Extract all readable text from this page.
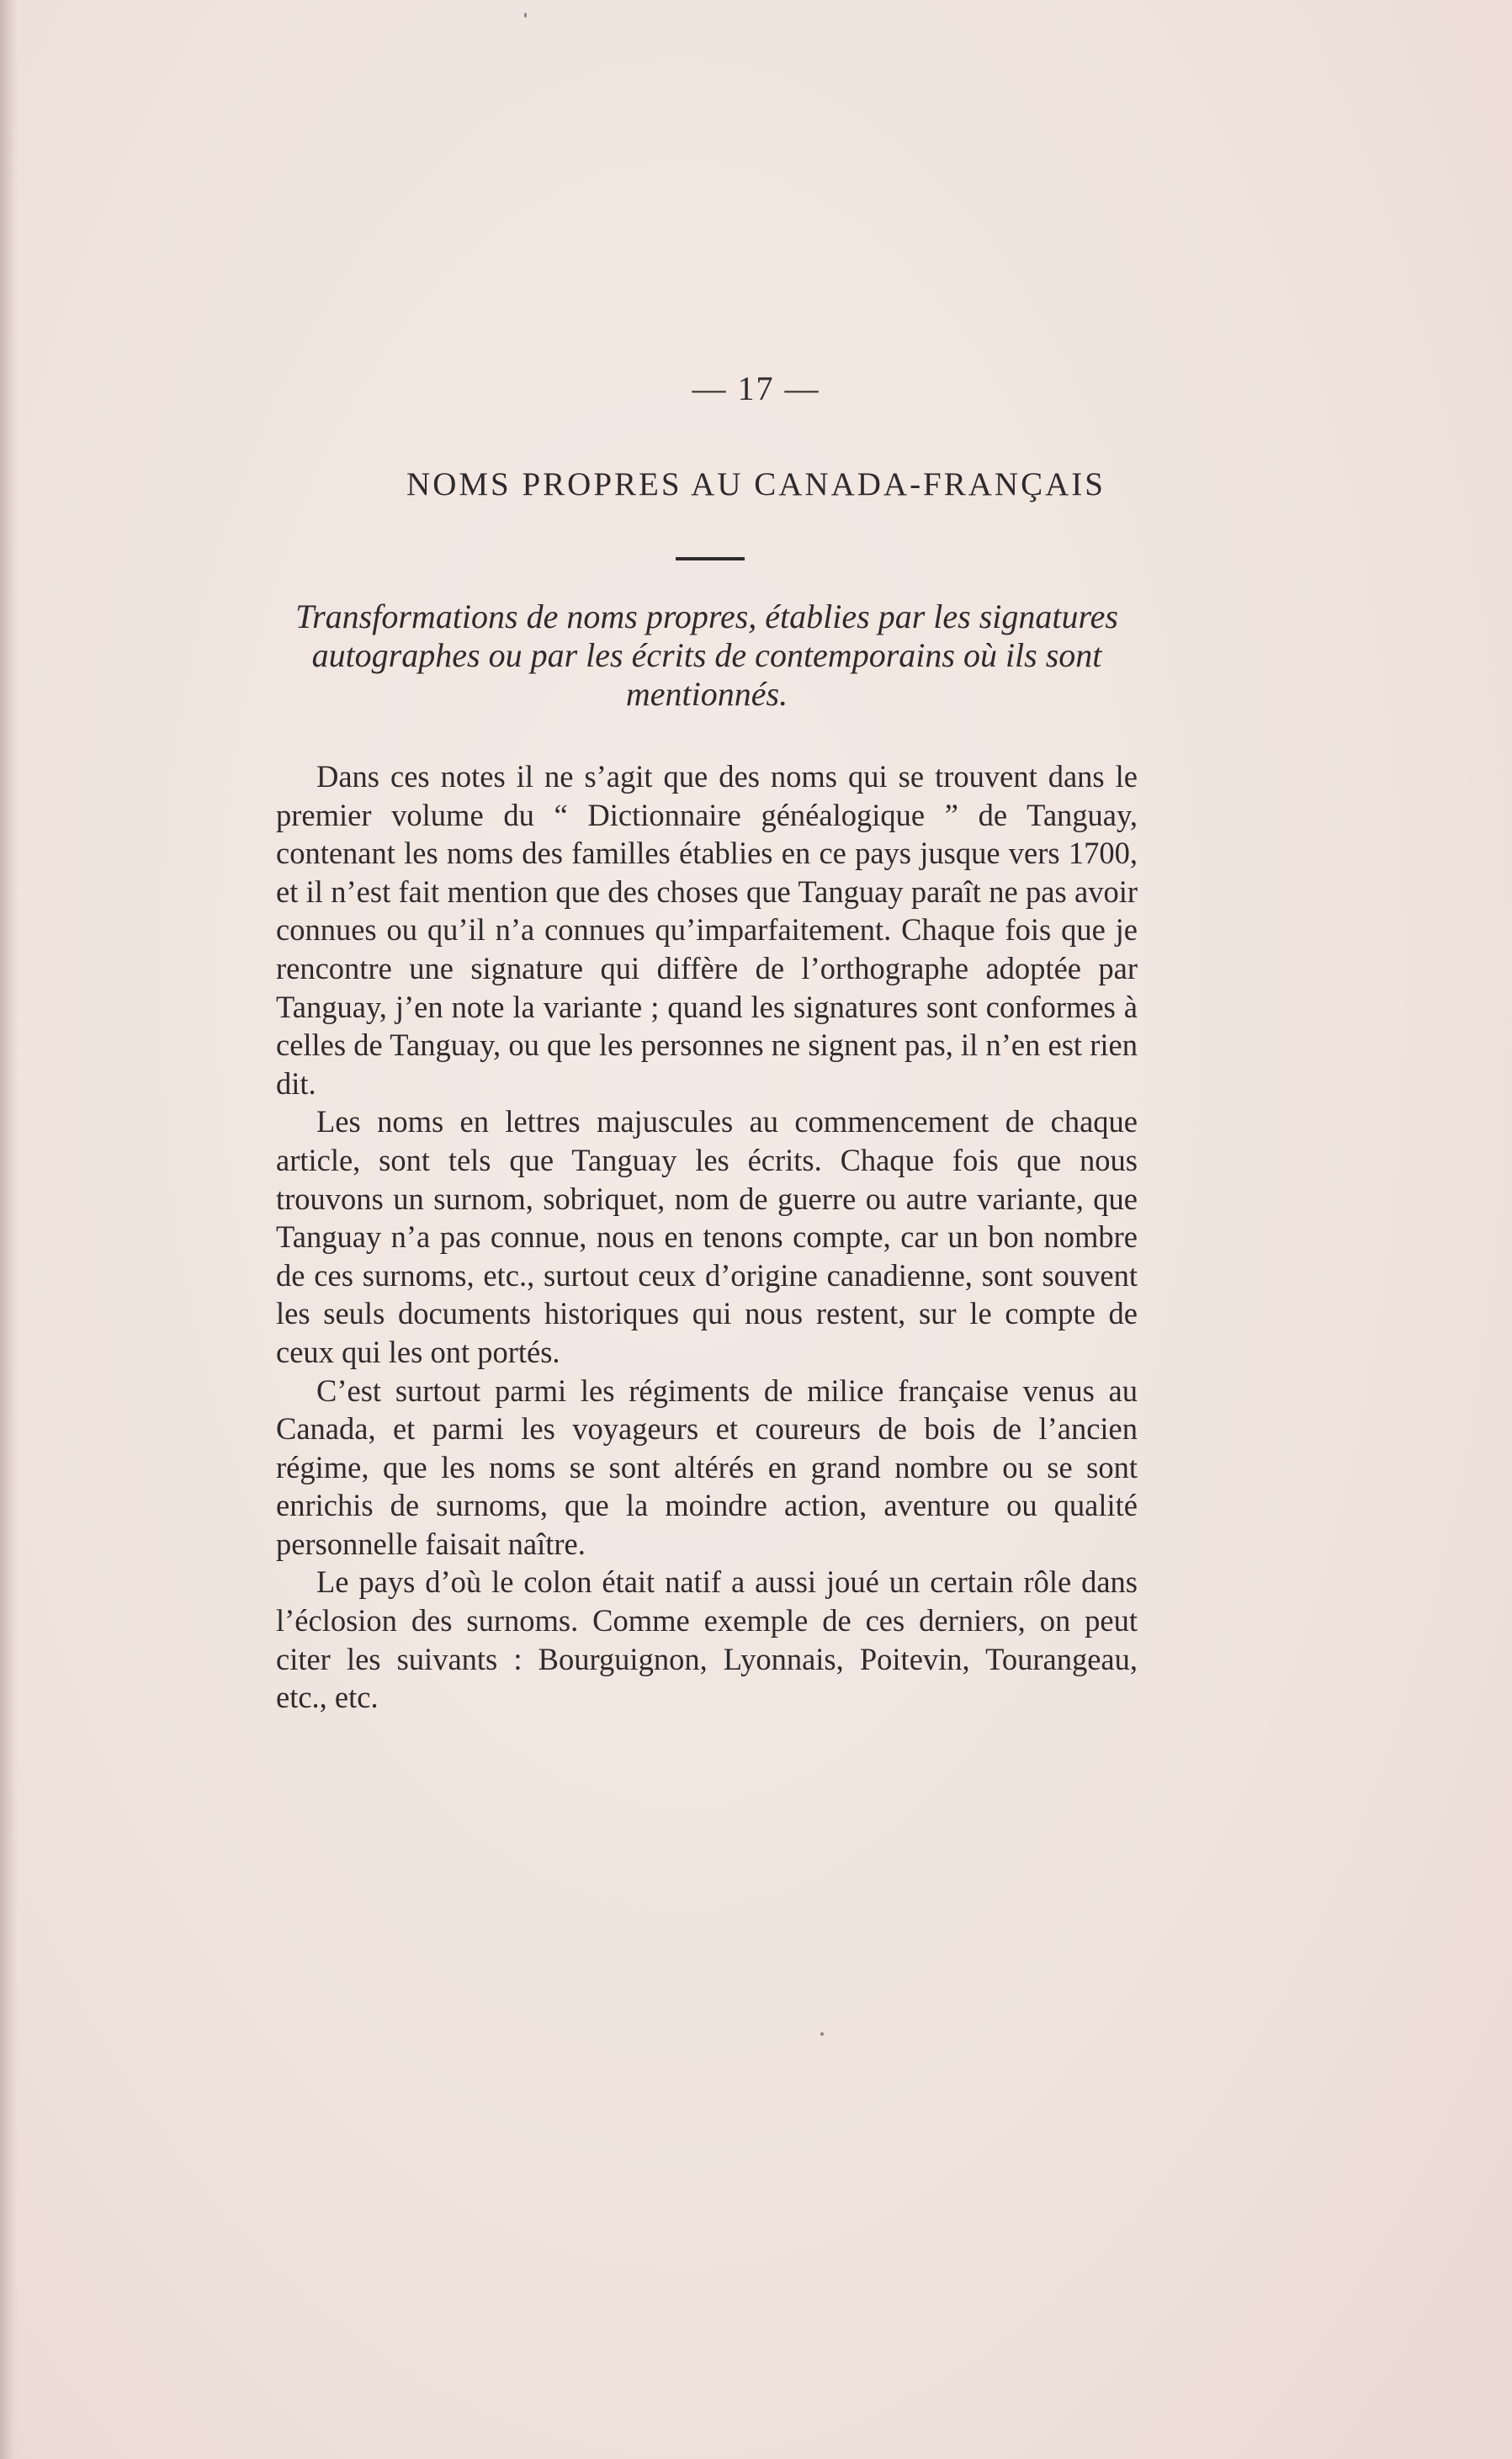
— 17 —
NOMS PROPRES AU CANADA-FRANÇAIS
Transformations de noms propres, établies par les signatures autographes ou par les écrits de contemporains où ils sont mentionnés.

Dans ces notes il ne s’agit que des noms qui se trouvent dans le premier volume du “ Dictionnaire généalogique ” de Tanguay, contenant les noms des familles établies en ce pays jusque vers 1700, et il n’est fait mention que des choses que Tanguay paraît ne pas avoir connues ou qu’il n’a connues qu’imparfaitement. Chaque fois que je rencontre une signature qui diffère de l’orthographe adoptée par Tanguay, j’en note la variante ; quand les signatures sont conformes à celles de Tanguay, ou que les personnes ne signent pas, il n’en est rien dit.

Les noms en lettres majuscules au commencement de chaque article, sont tels que Tanguay les écrits. Chaque fois que nous trouvons un surnom, sobriquet, nom de guerre ou autre variante, que Tanguay n’a pas connue, nous en tenons compte, car un bon nombre de ces surnoms, etc., surtout ceux d’origine canadienne, sont souvent les seuls documents historiques qui nous restent, sur le compte de ceux qui les ont portés.

C’est surtout parmi les régiments de milice française venus au Canada, et parmi les voyageurs et coureurs de bois de l’ancien régime, que les noms se sont altérés en grand nombre ou se sont enrichis de surnoms, que la moindre action, aventure ou qualité personnelle faisait naître.

Le pays d’où le colon était natif a aussi joué un certain rôle dans l’éclosion des surnoms. Comme exemple de ces derniers, on peut citer les suivants : Bourguignon, Lyonnais, Poitevin, Tourangeau, etc., etc.
